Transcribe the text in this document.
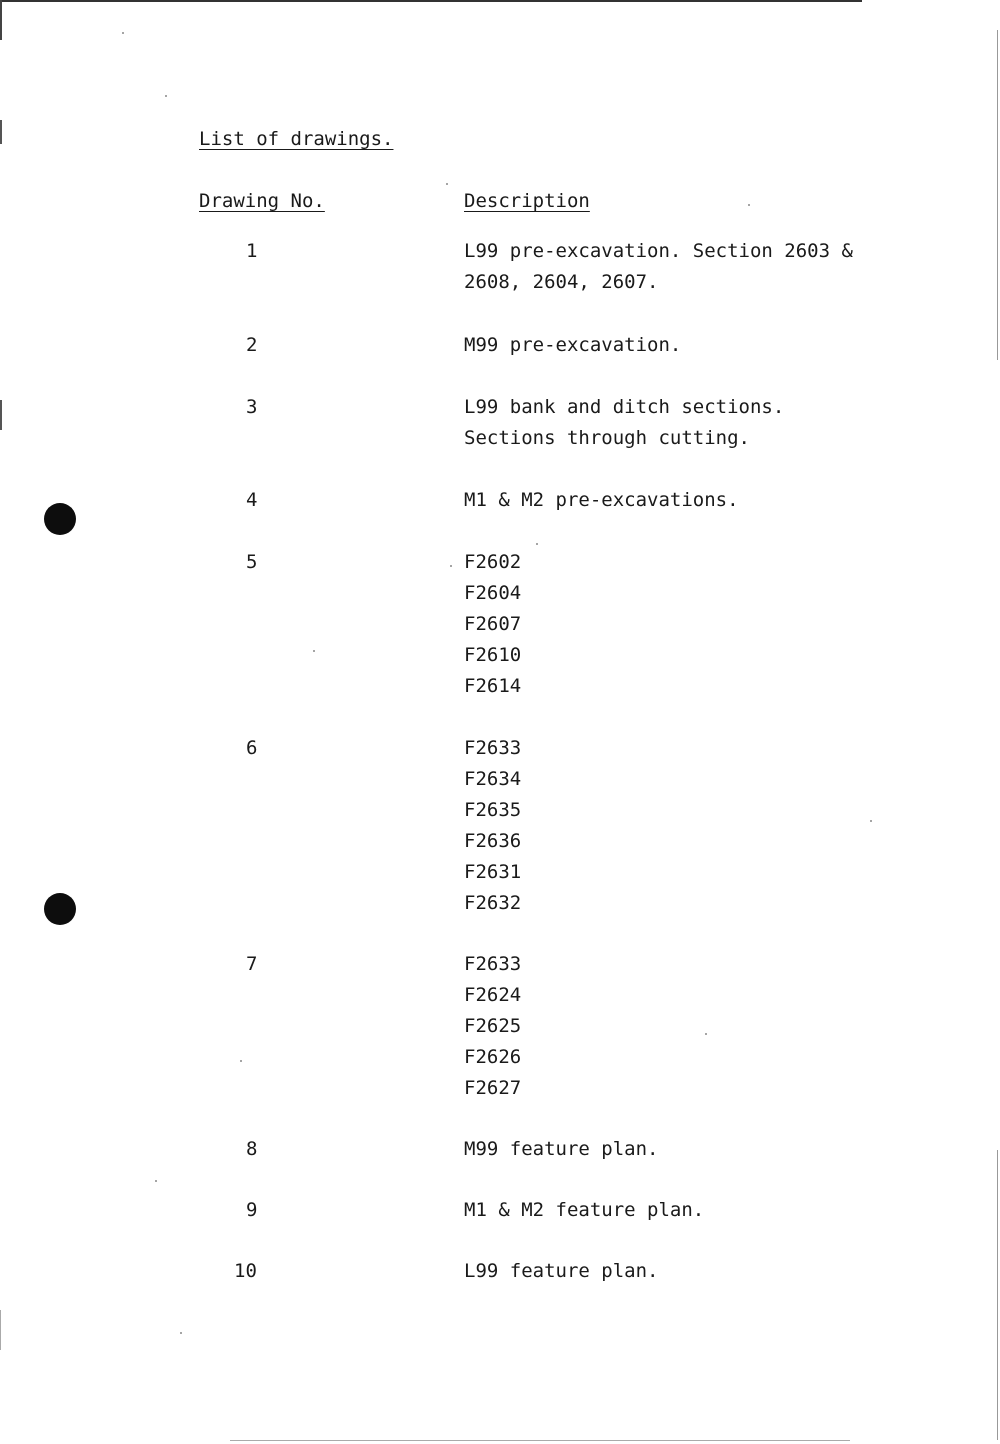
List of drawings.
Drawing No.	Description
1	L99 pre-excavation. Section 2603 &
2608, 2604, 2607.
2	M99 pre-excavation.
3	L99 bank and ditch sections.
Sections through cutting.
4	M1 & M2 pre-excavations.
5	F2602
F2604
F2607
F2610
F2614
6	F2633
F2634
F2635
F2636
F2631
F2632
7	F2633
F2624
F2625
F2626
F2627
8	M99 feature plan.
9	M1 & M2 feature plan.
10	L99 feature plan.
